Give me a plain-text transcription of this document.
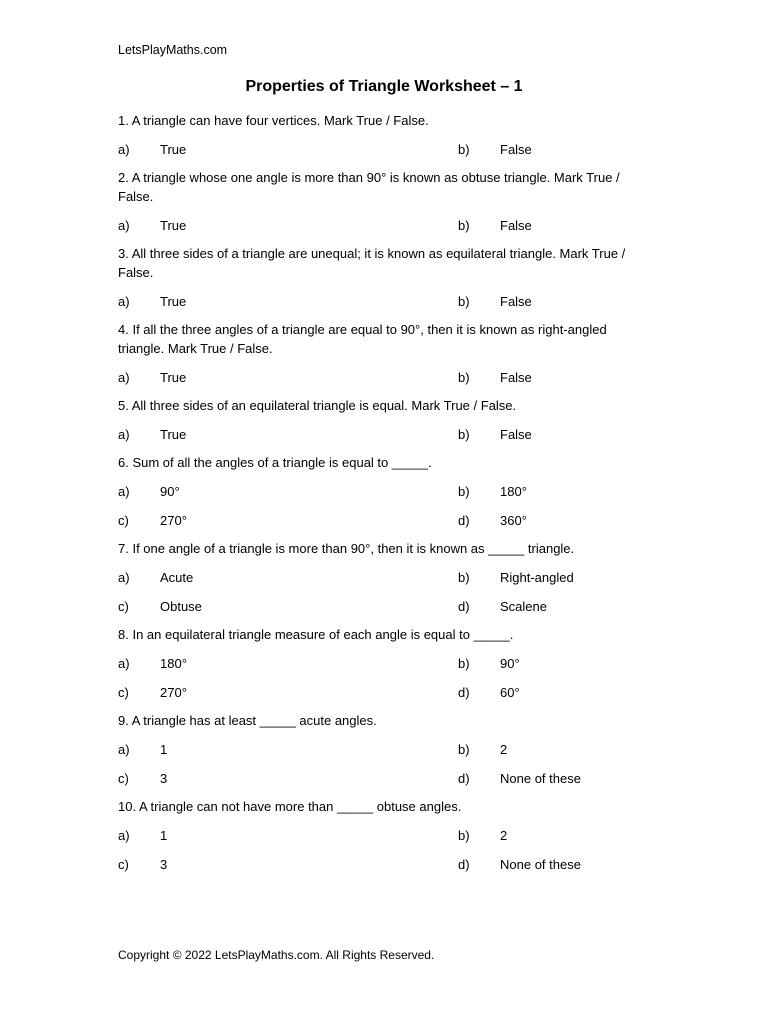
LetsPlayMaths.com
Properties of Triangle Worksheet – 1

1. A triangle can have four vertices. Mark True / False.

a) True	b) False

2. A triangle whose one angle is more than 90° is known as obtuse triangle. Mark True / False.

a) True	b) False

3. All three sides of a triangle are unequal; it is known as equilateral triangle. Mark True / False.

a) True	b) False

4. If all the three angles of a triangle are equal to 90°, then it is known as right-angled triangle. Mark True / False.

a) True	b) False

5. All three sides of an equilateral triangle is equal. Mark True / False.

a) True	b) False

6. Sum of all the angles of a triangle is equal to _____.

a) 90°	b) 180°
c) 270°	d) 360°

7. If one angle of a triangle is more than 90°, then it is known as _____ triangle.

a) Acute	b) Right-angled
c) Obtuse	d) Scalene

8. In an equilateral triangle measure of each angle is equal to _____.

a) 180°	b) 90°
c) 270°	d) 60°

9. A triangle has at least _____ acute angles.

a) 1	b) 2
c) 3	d) None of these

10. A triangle can not have more than _____ obtuse angles.

a) 1	b) 2
c) 3	d) None of these
Copyright © 2022 LetsPlayMaths.com. All Rights Reserved.
